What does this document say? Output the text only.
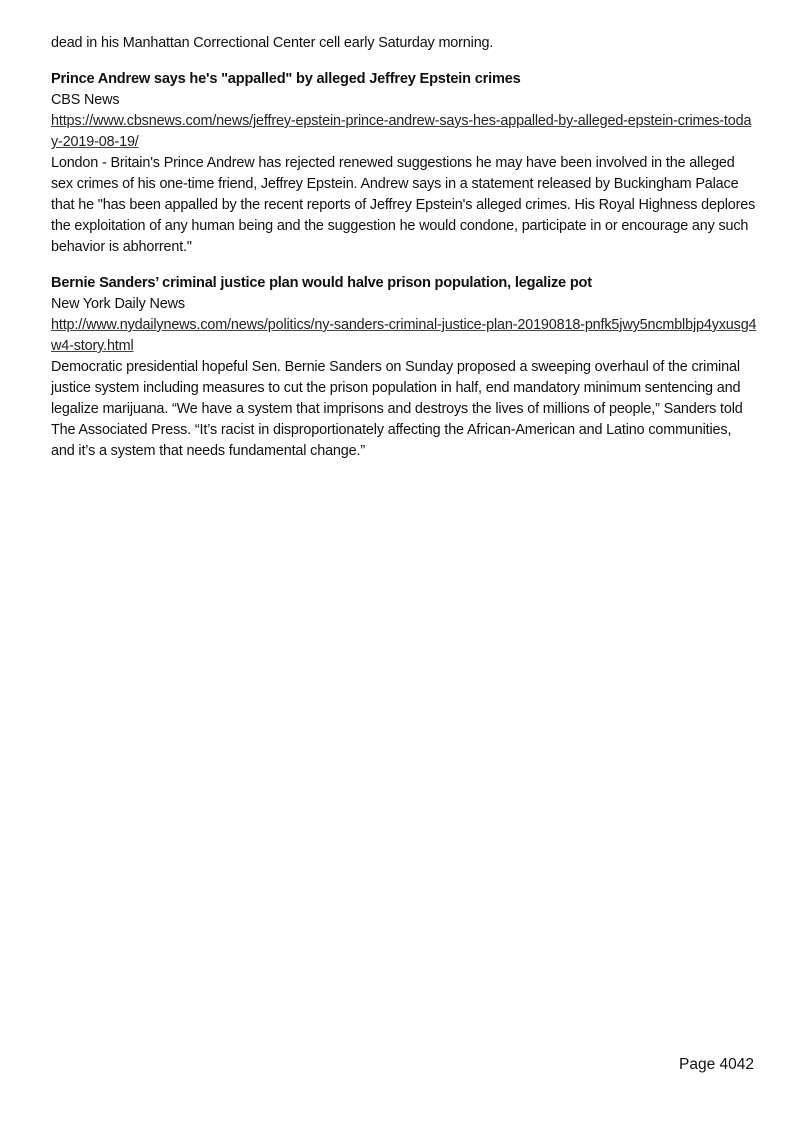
dead in his Manhattan Correctional Center cell early Saturday morning.

Prince Andrew says he's "appalled" by alleged Jeffrey Epstein crimes

CBS News

https://www.cbsnews.com/news/jeffrey-epstein-prince-andrew-says-hes-appalled-by-alleged-epstein-crimes-today-2019-08-19/

London - Britain's Prince Andrew has rejected renewed suggestions he may have been involved in the alleged sex crimes of his one-time friend, Jeffrey Epstein. Andrew says in a statement released by Buckingham Palace that he "has been appalled by the recent reports of Jeffrey Epstein's alleged crimes. His Royal Highness deplores the exploitation of any human being and the suggestion he would condone, participate in or encourage any such behavior is abhorrent."

Bernie Sanders’ criminal justice plan would halve prison population, legalize pot

New York Daily News

http://www.nydailynews.com/news/politics/ny-sanders-criminal-justice-plan-20190818-pnfk5jwy5ncmblbjp4yxusg4w4-story.html

Democratic presidential hopeful Sen. Bernie Sanders on Sunday proposed a sweeping overhaul of the criminal justice system including measures to cut the prison population in half, end mandatory minimum sentencing and legalize marijuana. “We have a system that imprisons and destroys the lives of millions of people,” Sanders told The Associated Press. “It’s racist in disproportionately affecting the African-American and Latino communities, and it’s a system that needs fundamental change.”

Page 4042
